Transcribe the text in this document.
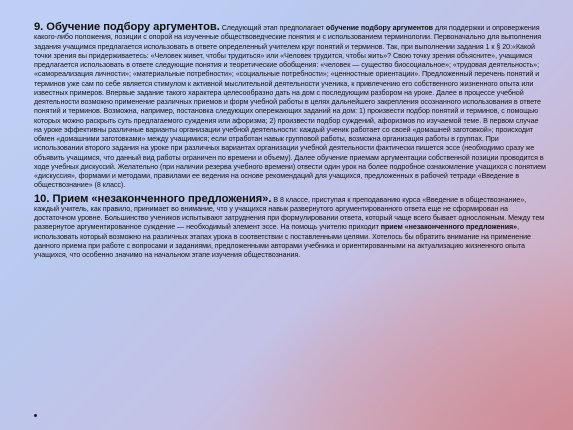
9. Обучение подбору аргументов. Следующий этап предполагает обучение подбору аргументов для поддержки и опровержения какого-либо положения, позиции с опорой на изученные обществоведческие понятия и с использованием терминологии. Первоначально для выполнения задания учащимся предлагается использовать в ответе определенный учителем круг понятий и терминов. Так, при выполнении задания 1 к § 20:«Какой точки зрения вы придерживаетесь: «Человек живет, чтобы трудиться» или «Человек трудится, чтобы жить»? Свою точку зрения объясните», учащимся предлагается использовать в ответе следующие понятия и теоретические обобщения: «человек — существо биосоциальное»; «трудовая деятельность»; «самореализация личности»; «материальные потребности»; «социальные потребности»; «ценностные ориентации». Предложенный перечень понятий и терминов уже сам по себе является стимулом к активной мыслительной деятельности ученика, к привлечению его собственного жизненного опыта или известных примеров. Впервые задание такого характера целесообразно дать на дом с последующим разбором на уроке. Далее в процессе учебной деятельности возможно применение различных приемов и форм учебной работы в целях дальнейшего закрепления осознанного использования в ответе понятий и терминов. Возможна, например, постановка следующих опережающих заданий на дом: 1) произвести подбор понятий и терминов, с помощью которых можно раскрыть суть предлагаемого суждения или афоризма; 2) произвести подбор суждений, афоризмов по изучаемой теме. В первом случае на уроке эффективны различные варианты организации учебной деятельности: каждый ученик работает со своей «домашней заготовкой»; происходит обмен «домашними заготовками» между учащимися; если отработан навык групповой работы, возможна организация работы в группах. При использовании второго задания на уроке при различных вариантах организации учебной деятельности фактически пишется эссе (необходимо сразу же объявить учащимся, что данный вид работы ограничен по времени и объему). Далее обучение приемам аргументации собственной позиции проводится в ходе учебных дискуссий. Желательно (при наличии резерва учебного времени) отвести один урок на более подробное ознакомление учащихся с понятием «дискуссия», формами и методами, правилами ее ведения на основе рекомендаций для учащихся, предложенных в рабочей тетради «Введение в обществознание» (8 класс).

10. Прием «незаконченного предложения». В 8 классе, приступая к преподаванию курса «Введение в обществознание», каждый учитель, как правило, принимает во внимание, что у учащихся навык развернутого аргументированного ответа еще не сформирован на достаточном уровне. Большинство учеников испытывают затруднения при формулировании ответа, который чаще всего бывает односложным. Между тем развернутое аргументированное суждение — необходимый элемент эссе. На помощь учителю приходит прием «незаконченного предложения», использовать который возможно на различных этапах урока в соответствии с поставленными целями. Хотелось бы обратить внимание на применение данного приема при работе с вопросами и заданиями, предложенными авторами учебника и ориентированными на актуализацию жизненного опыта учащихся, что особенно значимо на начальном этапе изучения обществознания.
